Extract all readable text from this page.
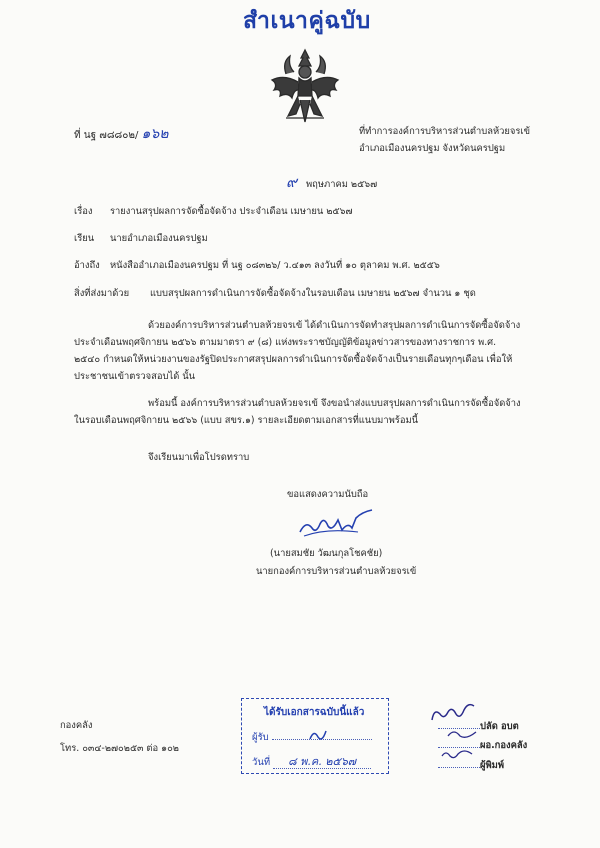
สำเนาคู่ฉบับ
ที่ นฐ ๗๘๘๐๒/ ๑๖๒	ที่ทำการองค์การบริหารส่วนตำบลห้วยจรเข้
อำเภอเมืองนครปฐม จังหวัดนครปฐม
๙ พฤษภาคม ๒๕๖๗
เรื่อง รายงานสรุปผลการจัดซื้อจัดจ้าง ประจำเดือน เมษายน ๒๕๖๗
เรียน นายอำเภอเมืองนครปฐม
อ้างถึง หนังสืออำเภอเมืองนครปฐม ที่ นฐ ๐๘๓๒๖/ ว.๔๑๓ ลงวันที่ ๑๐ ตุลาคม พ.ศ. ๒๕๕๖
สิ่งที่ส่งมาด้วย แบบสรุปผลการดำเนินการจัดซื้อจัดจ้างในรอบเดือน เมษายน ๒๕๖๗ จำนวน ๑ ชุด
ด้วยองค์การบริหารส่วนตำบลห้วยจรเข้ ได้ดำเนินการจัดทำสรุปผลการดำเนินการจัดซื้อจัดจ้าง
ประจำเดือนพฤศจิกายน ๒๕๖๖ ตามมาตรา ๙ (๘) แห่งพระราชบัญญัติข้อมูลข่าวสารของทางราชการ พ.ศ.
๒๕๔๐ กำหนดให้หน่วยงานของรัฐปิดประกาศสรุปผลการดำเนินการจัดซื้อจัดจ้างเป็นรายเดือนทุกๆเดือน เพื่อให้
ประชาชนเข้าตรวจสอบได้ นั้น
พร้อมนี้ องค์การบริหารส่วนตำบลห้วยจรเข้ จึงขอนำส่งแบบสรุปผลการดำเนินการจัดซื้อจัดจ้าง
ในรอบเดือนพฤศจิกายน ๒๕๖๖ (แบบ สขร.๑) รายละเอียดตามเอกสารที่แนบมาพร้อมนี้
จึงเรียนมาเพื่อโปรดทราบ
ขอแสดงความนับถือ
(นายสมชัย วัฒนกุลโชคชัย)
นายกองค์การบริหารส่วนตำบลห้วยจรเข้
กองคลัง
โทร. ๐๓๔-๒๗๐๒๕๓ ต่อ ๑๐๒
ได้รับเอกสารฉบับนี้แล้ว
ผู้รับ
วันที่ ๘ พ.ค. ๒๕๖๗
ปลัด อบต
ผอ.กองคลัง
ผู้พิมพ์
